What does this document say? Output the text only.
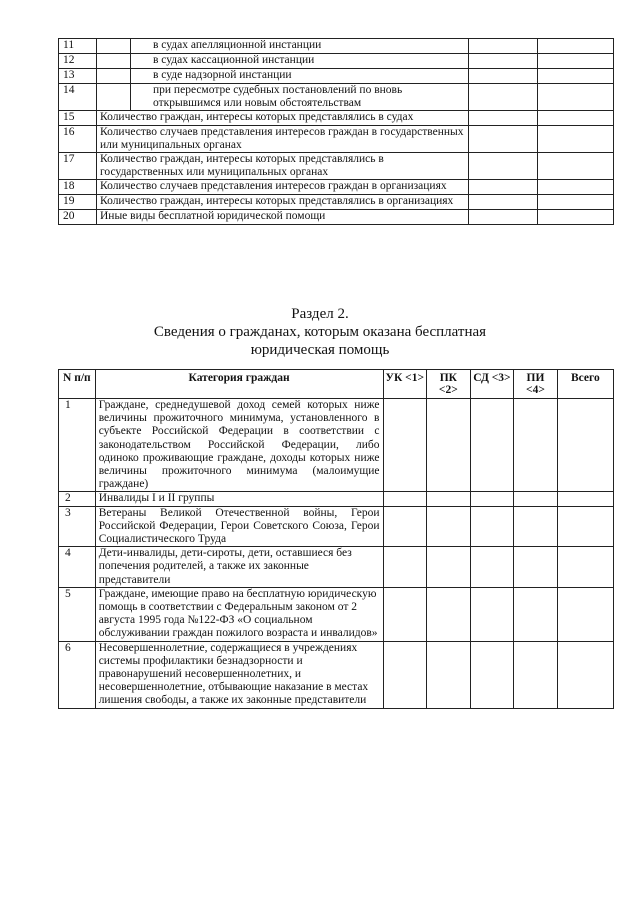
11		в судах апелляционной инстанции		
12		в судах кассационной инстанции		
13		в суде надзорной инстанции		
14		при пересмотре судебных постановлений по вновь открывшимся или новым обстоятельствам		
15	Количество граждан, интересы которых представлялись в судах			
16	Количество случаев представления интересов граждан в государственных или муниципальных органах			
17	Количество граждан, интересы которых представлялись в государственных или муниципальных органах			
18	Количество случаев представления интересов граждан в организациях			
19	Количество граждан, интересы которых представлялись в организациях			
20	Иные виды бесплатной юридической помощи			
Раздел 2.
Сведения о гражданах, которым оказана бесплатная
юридическая помощь
N п/п	Категория граждан	УК <1>	ПК <2>	СД <3>	ПИ <4>	Всего
1	Граждане, среднедушевой доход семей которых ниже величины прожиточного минимума, установленного в субъекте Российской Федерации в соответствии с законодательством Российской Федерации, либо одиноко проживающие граждане, доходы которых ниже величины прожиточного минимума (малоимущие граждане)					
2	Инвалиды I и II группы					
3	Ветераны Великой Отечественной войны, Герои Российской Федерации, Герои Советского Союза, Герои Социалистического Труда					
4	Дети-инвалиды, дети-сироты, дети, оставшиеся без попечения родителей, а также их законные представители					
5	Граждане, имеющие право на бесплатную юридическую помощь в соответствии с Федеральным законом от 2 августа 1995 года №122-ФЗ «О социальном обслуживании граждан пожилого возраста и инвалидов»					
6	Несовершеннолетние, содержащиеся в учреждениях системы профилактики безнадзорности и правонарушений несовершеннолетних, и несовершеннолетние, отбывающие наказание в местах лишения свободы, а также их законные представители					
